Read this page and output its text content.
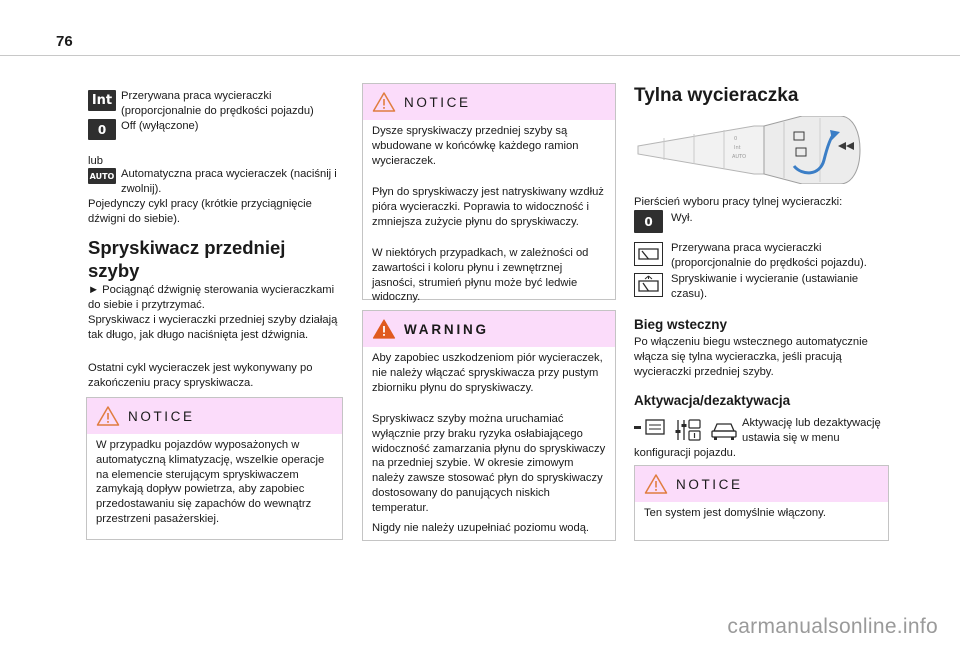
76
Int Przerywana praca wycieraczki (proporcjonalnie do prędkości pojazdu)
0 Off (wyłączone)
lub
AUTO Automatyczna praca wycieraczek (naciśnij i zwolnij).
Pojedynczy cykl pracy (krótkie przyciągnięcie dźwigni do siebie).
Spryskiwacz przedniej szyby
► Pociągnąć dźwignię sterowania wycieraczkami do siebie i przytrzymać.
Spryskiwacz i wycieraczki przedniej szyby działają tak długo, jak długo naciśnięta jest dźwignia.
Ostatni cykl wycieraczek jest wykonywany po zakończeniu pracy spryskiwacza.
NOTICE
W przypadku pojazdów wyposażonych w automatyczną klimatyzację, wszelkie operacje na elemencie sterującym spryskiwaczem zamykają dopływ powietrza, aby zapobiec przedostawaniu się zapachów do wewnątrz przestrzeni pasażerskiej.
NOTICE
Dysze spryskiwaczy przedniej szyby są wbudowane w końcówkę każdego ramion wycieraczek.
Płyn do spryskiwaczy jest natryskiwany wzdłuż pióra wycieraczki. Poprawia to widoczność i zmniejsza zużycie płynu do spryskiwaczy.
W niektórych przypadkach, w zależności od zawartości i koloru płynu i zewnętrznej jasności, strumień płynu może być ledwie widoczny.
WARNING
Aby zapobiec uszkodzeniom piór wycieraczek, nie należy włączać spryskiwacza przy pustym zbiorniku płynu do spryskiwaczy.
Spryskiwacz szyby można uruchamiać wyłącznie przy braku ryzyka osłabiającego widoczność zamarzania płynu do spryskiwaczy na przedniej szybie. W okresie zimowym należy zawsze stosować płyn do spryskiwaczy dostosowany do panujących niskich temperatur.
Nigdy nie należy uzupełniać poziomu wodą.
Tylna wycieraczka
0
Int
AUTO
Pierścień wyboru pracy tylnej wycieraczki:
0 Wył.
Przerywana praca wycieraczki (proporcjonalnie do prędkości pojazdu).
Spryskiwanie i wycieranie (ustawianie czasu).
Bieg wsteczny
Po włączeniu biegu wstecznego automatycznie włącza się tylna wycieraczka, jeśli pracują wycieraczki przedniej szyby.
Aktywacja/dezaktywacja
Aktywację lub dezaktywację ustawia się w menu
konfiguracji pojazdu.
NOTICE
Ten system jest domyślnie włączony.
carmanualsonline.info
